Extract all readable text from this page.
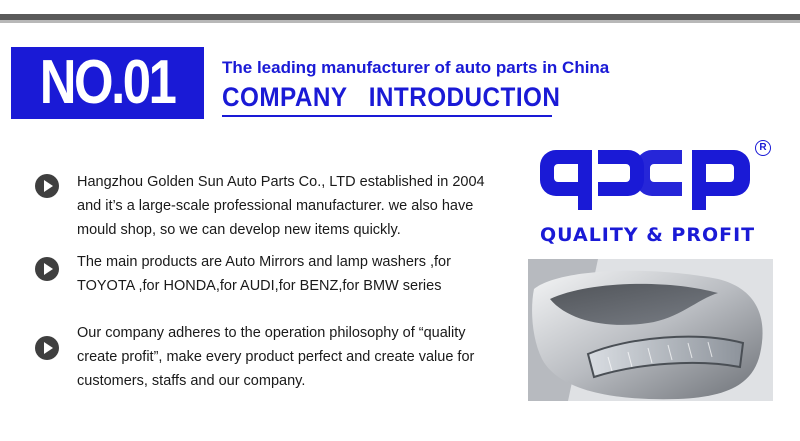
NO.01	The leading manufacturer of auto parts in China
COMPANY   INTRODUCTION
Hangzhou Golden Sun Auto Parts Co., LTD established in 2004
and it’s a large-scale professional manufacturer. we also have
mould shop, so we can develop new items quickly.
The main products are Auto Mirrors and lamp washers ,for
TOYOTA ,for HONDA,for AUDI,for BENZ,for BMW series
Our company adheres to the operation philosophy of “quality
create profit”, make every product perfect and create value for
customers, staffs and our company.
R
QUALITY & PROFIT
